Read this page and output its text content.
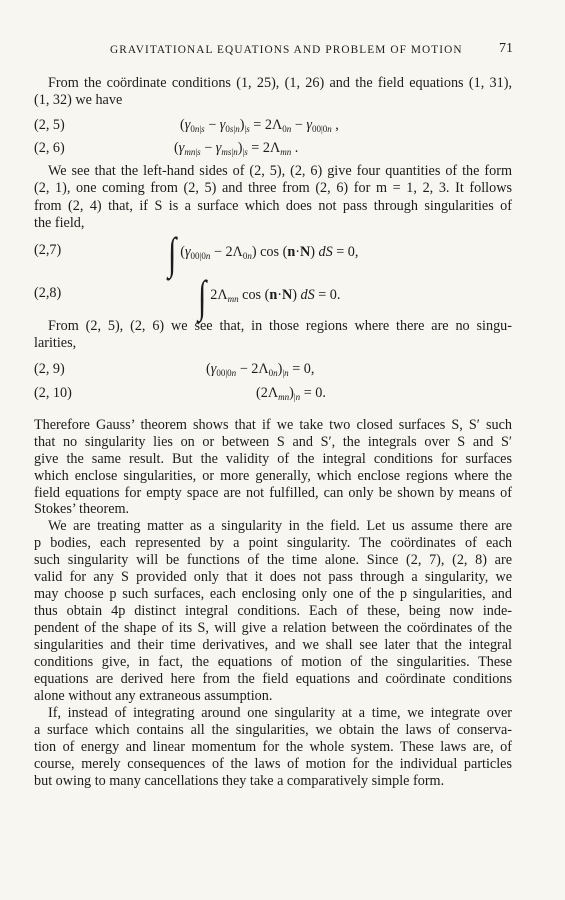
GRAVITATIONAL EQUATIONS AND PROBLEM OF MOTION	71
From the coördinate conditions (1, 25), (1, 26) and the field equations (1, 31),
(1, 32) we have
(2, 5)	$(\gamma_{0n|s} - \gamma_{0s|n})_{|s} = 2\Lambda_{0n} - \gamma_{00|0n}$ ,
(2, 6)	$(\gamma_{mn|s} - \gamma_{ms|n})_{|s} = 2\Lambda_{mn}$ .
We see that the left-hand sides of (2, 5), (2, 6) give four quantities of the form
(2, 1), one coming from (2, 5) and three from (2, 6) for m = 1, 2, 3. It follows
from (2, 4) that, if S is a surface which does not pass through singularities of
the field,
(2,7)	∫ $(\gamma_{00|0n} - 2\Lambda_{0n})$ cos (n·N) dS = 0,
(2,8)	∫ $2\Lambda_{mn}$ cos (n·N) dS = 0.
From (2, 5), (2, 6) we see that, in those regions where there are no singu-
larities,
(2, 9)	$(\gamma_{00|0n} - 2\Lambda_{0n})_{|n} = 0$,
(2, 10)	$(2\Lambda_{mn})_{|n} = 0$.
Therefore Gauss’ theorem shows that if we take two closed surfaces S, S′ such
that no singularity lies on or between S and S′, the integrals over S and S′
give the same result. But the validity of the integral conditions for surfaces
which enclose singularities, or more generally, which enclose regions where the
field equations for empty space are not fulfilled, can only be shown by means of
Stokes’ theorem.
We are treating matter as a singularity in the field. Let us assume there are
p bodies, each represented by a point singularity. The coördinates of each
such singularity will be functions of the time alone. Since (2, 7), (2, 8) are
valid for any S provided only that it does not pass through a singularity, we
may choose p such surfaces, each enclosing only one of the p singularities, and
thus obtain 4p distinct integral conditions. Each of these, being now inde-
pendent of the shape of its S, will give a relation between the coördinates of the
singularities and their time derivatives, and we shall see later that the integral
conditions give, in fact, the equations of motion of the singularities. These
equations are derived here from the field equations and coördinate conditions
alone without any extraneous assumption.
If, instead of integrating around one singularity at a time, we integrate over
a surface which contains all the singularities, we obtain the laws of conserva-
tion of energy and linear momentum for the whole system. These laws are, of
course, merely consequences of the laws of motion for the individual particles
but owing to many cancellations they take a comparatively simple form.
